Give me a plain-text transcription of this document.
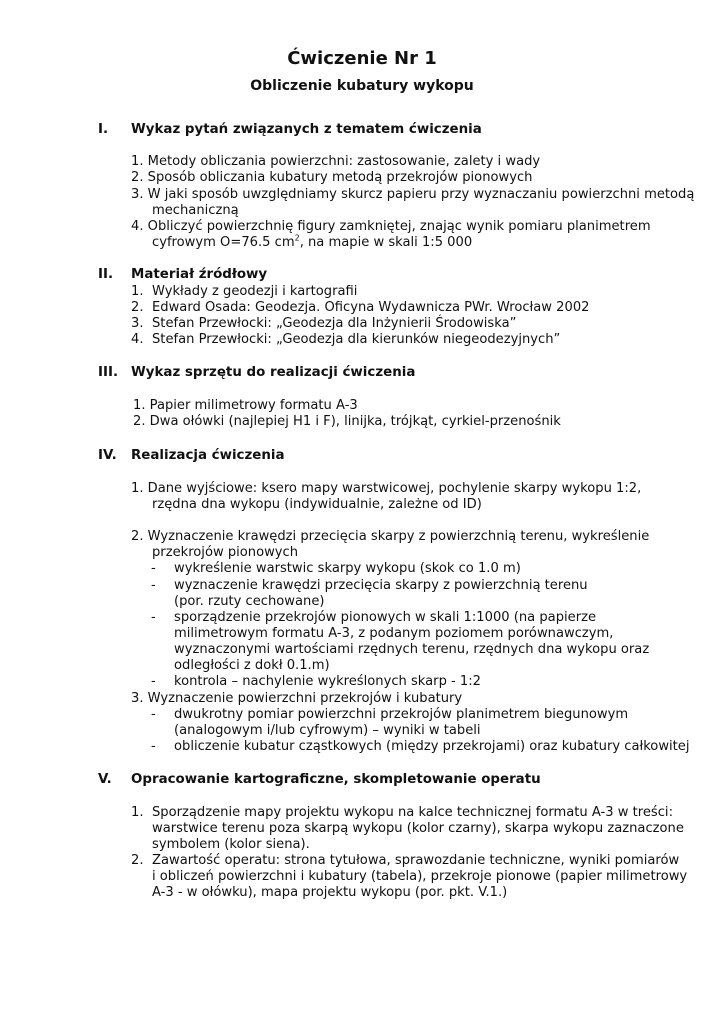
Ćwiczenie Nr 1
Obliczenie kubatury wykopu
I. Wykaz pytań związanych z tematem ćwiczenia
1. Metody obliczania powierzchni: zastosowanie, zalety i wady
2. Sposób obliczania kubatury metodą przekrojów pionowych
3. W jaki sposób uwzględniamy skurcz papieru przy wyznaczaniu powierzchni metodą
mechaniczną
4. Obliczyć powierzchnię figury zamkniętej, znając wynik pomiaru planimetrem
cyfrowym O=76.5 $cm^2$, na mapie w skali 1:5 000
II. Materiał źródłowy
1. Wykłady z geodezji i kartografii
2. Edward Osada: Geodezja. Oficyna Wydawnicza PWr. Wrocław 2002
3. Stefan Przewłocki: „Geodezja dla Inżynierii Środowiska”
4. Stefan Przewłocki: „Geodezja dla kierunków niegeodezyjnych”
III. Wykaz sprzętu do realizacji ćwiczenia
1. Papier milimetrowy formatu A-3
2. Dwa ołówki (najlepiej H1 i F), linijka, trójkąt, cyrkiel-przenośnik
IV. Realizacja ćwiczenia
1. Dane wyjściowe: ksero mapy warstwicowej, pochylenie skarpy wykopu 1:2,
rzędna dna wykopu (indywidualnie, zależne od ID)
2. Wyznaczenie krawędzi przecięcia skarpy z powierzchnią terenu, wykreślenie
przekrojów pionowych
- wykreślenie warstwic skarpy wykopu (skok co 1.0 m)
- wyznaczenie krawędzi przecięcia skarpy z powierzchnią terenu
(por. rzuty cechowane)
- sporządzenie przekrojów pionowych w skali 1:1000 (na papierze
milimetrowym formatu A-3, z podanym poziomem porównawczym,
wyznaczonymi wartościami rzędnych terenu, rzędnych dna wykopu oraz
odległości z dokł 0.1.m)
- kontrola – nachylenie wykreślonych skarp - 1:2
3. Wyznaczenie powierzchni przekrojów i kubatury
- dwukrotny pomiar powierzchni przekrojów planimetrem biegunowym
(analogowym i/lub cyfrowym) – wyniki w tabeli
- obliczenie kubatur cząstkowych (między przekrojami) oraz kubatury całkowitej
V. Opracowanie kartograficzne, skompletowanie operatu
1. Sporządzenie mapy projektu wykopu na kalce technicznej formatu A-3 w treści:
warstwice terenu poza skarpą wykopu (kolor czarny), skarpa wykopu zaznaczone
symbolem (kolor siena).
2. Zawartość operatu: strona tytułowa, sprawozdanie techniczne, wyniki pomiarów
i obliczeń powierzchni i kubatury (tabela), przekroje pionowe (papier milimetrowy
A-3 - w ołówku), mapa projektu wykopu (por. pkt. V.1.)
